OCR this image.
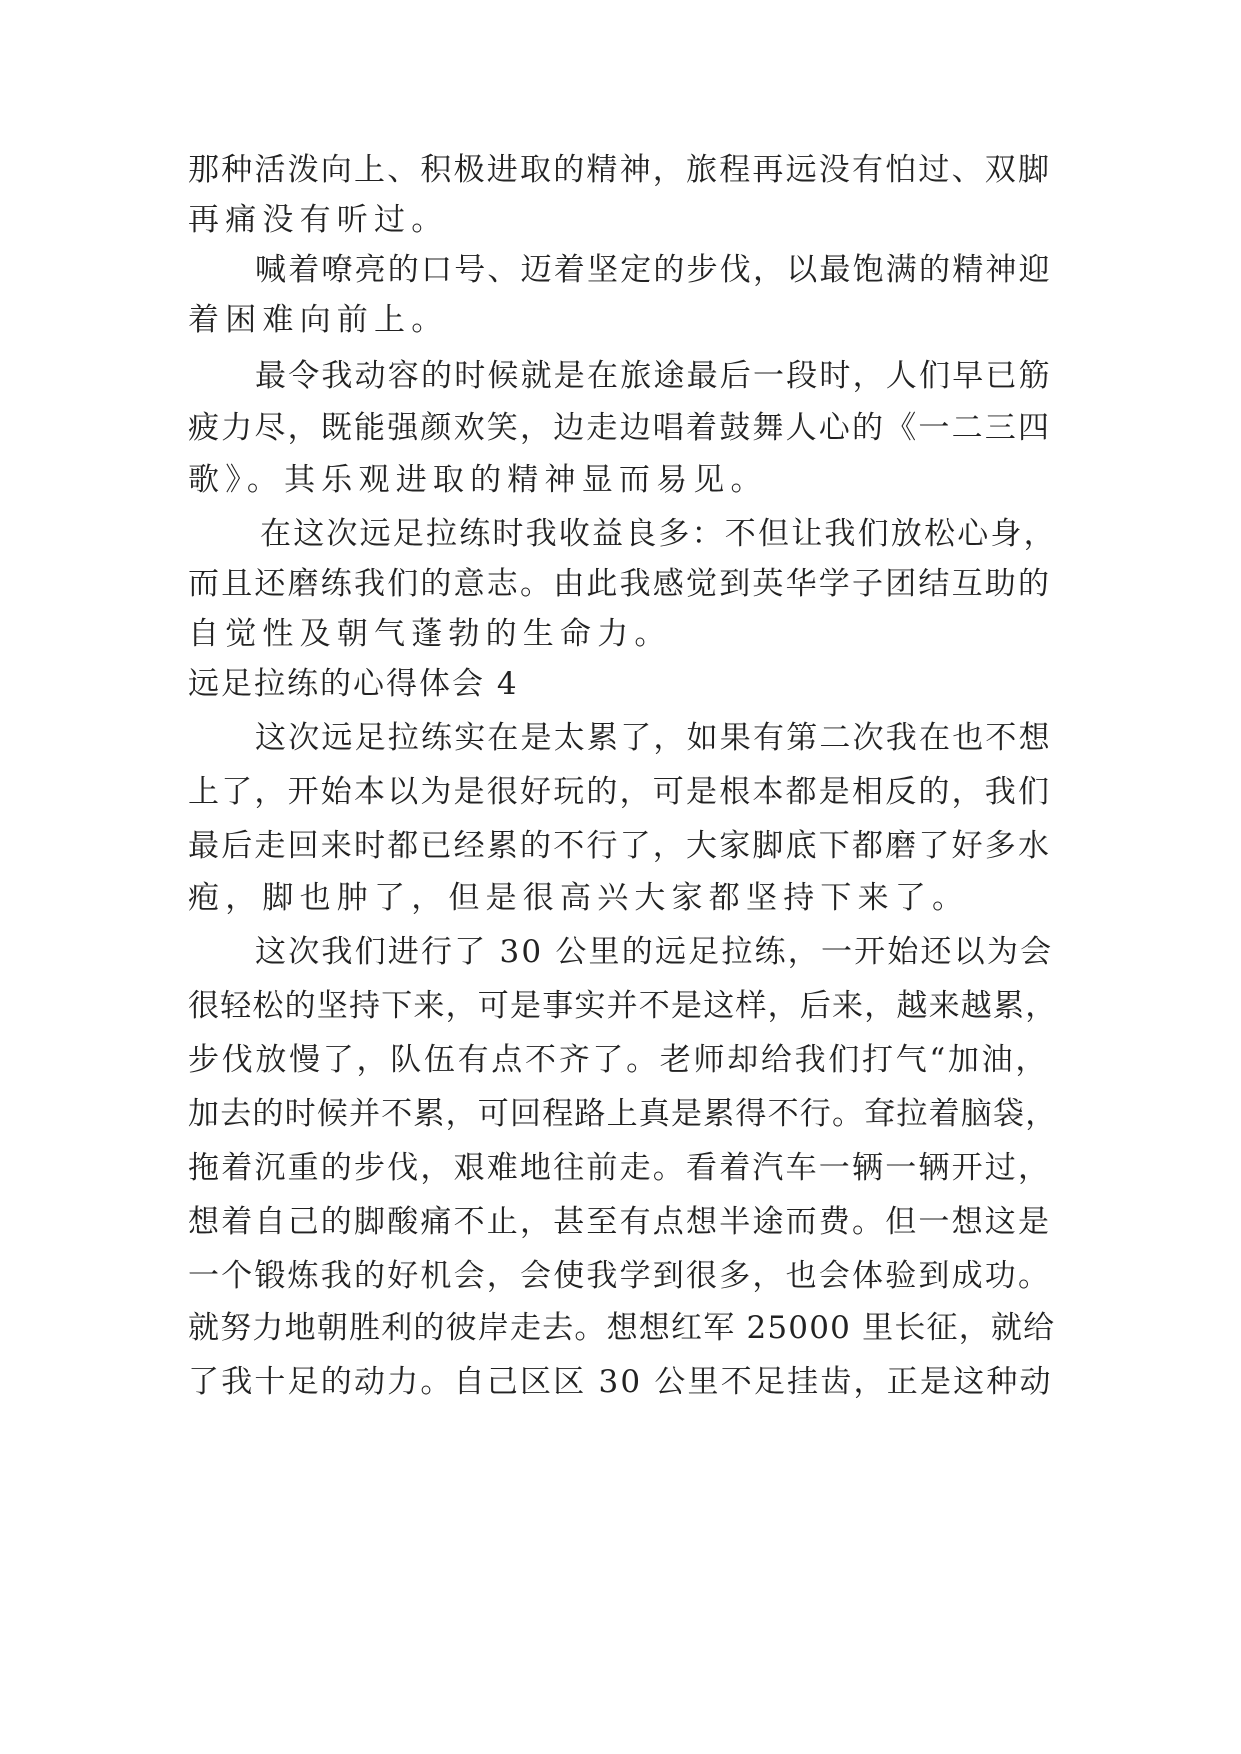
那种活泼向上、积极进取的精神，旅程再远没有怕过、双脚
再痛没有听过。
喊着嘹亮的口号、迈着坚定的步伐，以最饱满的精神迎
着困难向前上。
最令我动容的时候就是在旅途最后一段时，人们早已筋
疲力尽，既能强颜欢笑，边走边唱着鼓舞人心的《一二三四
歌》。其乐观进取的精神显而易见。
在这次远足拉练时我收益良多：不但让我们放松心身，
而且还磨练我们的意志。由此我感觉到英华学子团结互助的
自觉性及朝气蓬勃的生命力。
远足拉练的心得体会 4
这次远足拉练实在是太累了，如果有第二次我在也不想
上了，开始本以为是很好玩的，可是根本都是相反的，我们
最后走回来时都已经累的不行了，大家脚底下都磨了好多水
疱，脚也肿了，但是很高兴大家都坚持下来了。
这次我们进行了 30 公里的远足拉练，一开始还以为会
很轻松的坚持下来，可是事实并不是这样，后来，越来越累，
步伐放慢了，队伍有点不齐了。老师却给我们打气“加油，
加去的时候并不累，可回程路上真是累得不行。耷拉着脑袋，
拖着沉重的步伐，艰难地往前走。看着汽车一辆一辆开过，
想着自己的脚酸痛不止，甚至有点想半途而费。但一想这是
一个锻炼我的好机会，会使我学到很多，也会体验到成功。
就努力地朝胜利的彼岸走去。想想红军 25000 里长征，就给
了我十足的动力。自己区区 30 公里不足挂齿，正是这种动
